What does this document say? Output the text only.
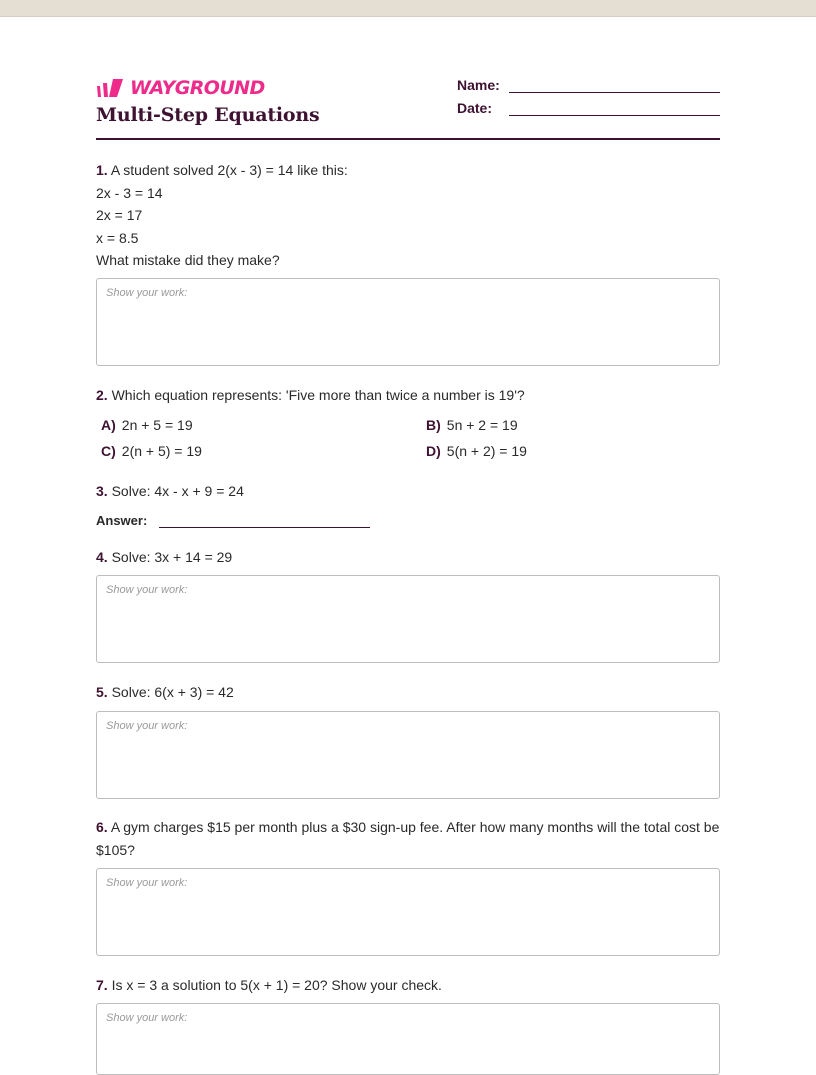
WAYGROUND
Multi-Step Equations
Name:
Date:

1. A student solved 2(x - 3) = 14 like this:

2x - 3 = 14

2x = 17

x = 8.5

What mistake did they make?

Show your work:

2. Which equation represents: 'Five more than twice a number is 19'?

A) 2n + 5 = 19	B) 5n + 2 = 19
C) 2(n + 5) = 19	D) 5(n + 2) = 19

3. Solve: 4x - x + 9 = 24

Answer:

4. Solve: 3x + 14 = 29

Show your work:

5. Solve: 6(x + 3) = 42

Show your work:

6. A gym charges $15 per month plus a $30 sign-up fee. After how many months will the total cost be $105?

Show your work:

7. Is x = 3 a solution to 5(x + 1) = 20? Show your check.

Show your work:
